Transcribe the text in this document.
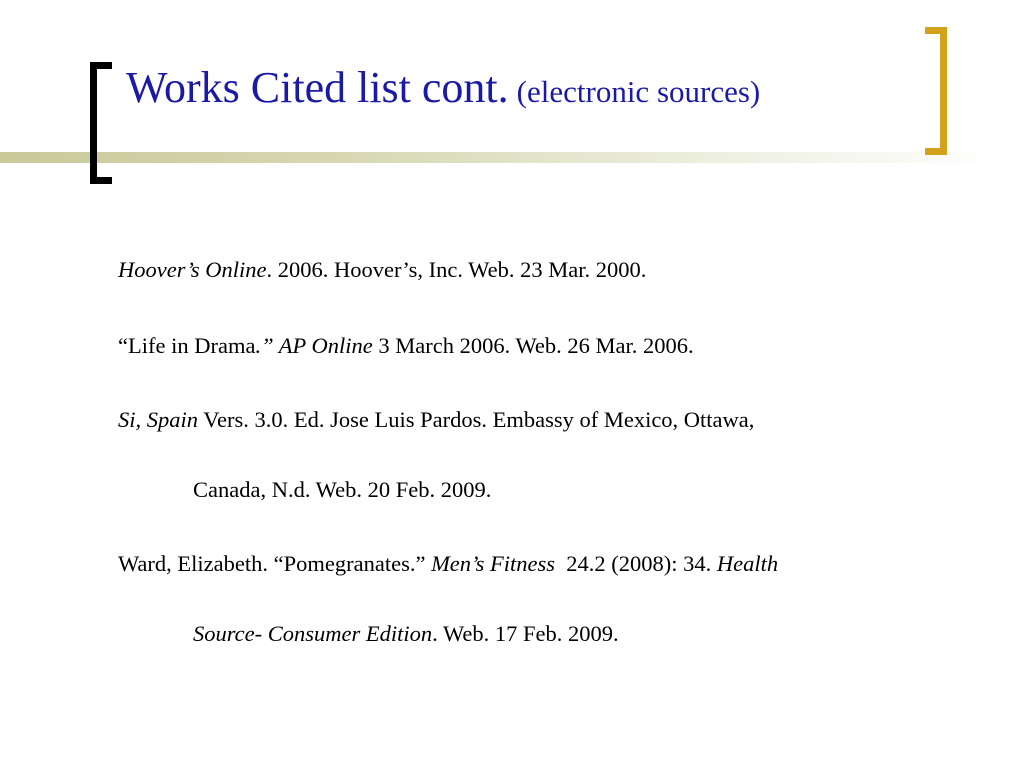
Works Cited list cont. (electronic sources)
Hoover’s Online. 2006. Hoover’s, Inc. Web. 23 Mar. 2000.
“Life in Drama.” AP Online 3 March 2006. Web. 26 Mar. 2006.
Si, Spain Vers. 3.0. Ed. Jose Luis Pardos. Embassy of Mexico, Ottawa,
Canada, N.d. Web. 20 Feb. 2009.
Ward, Elizabeth. “Pomegranates.” Men’s Fitness  24.2 (2008): 34. Health
Source- Consumer Edition. Web. 17 Feb. 2009.
